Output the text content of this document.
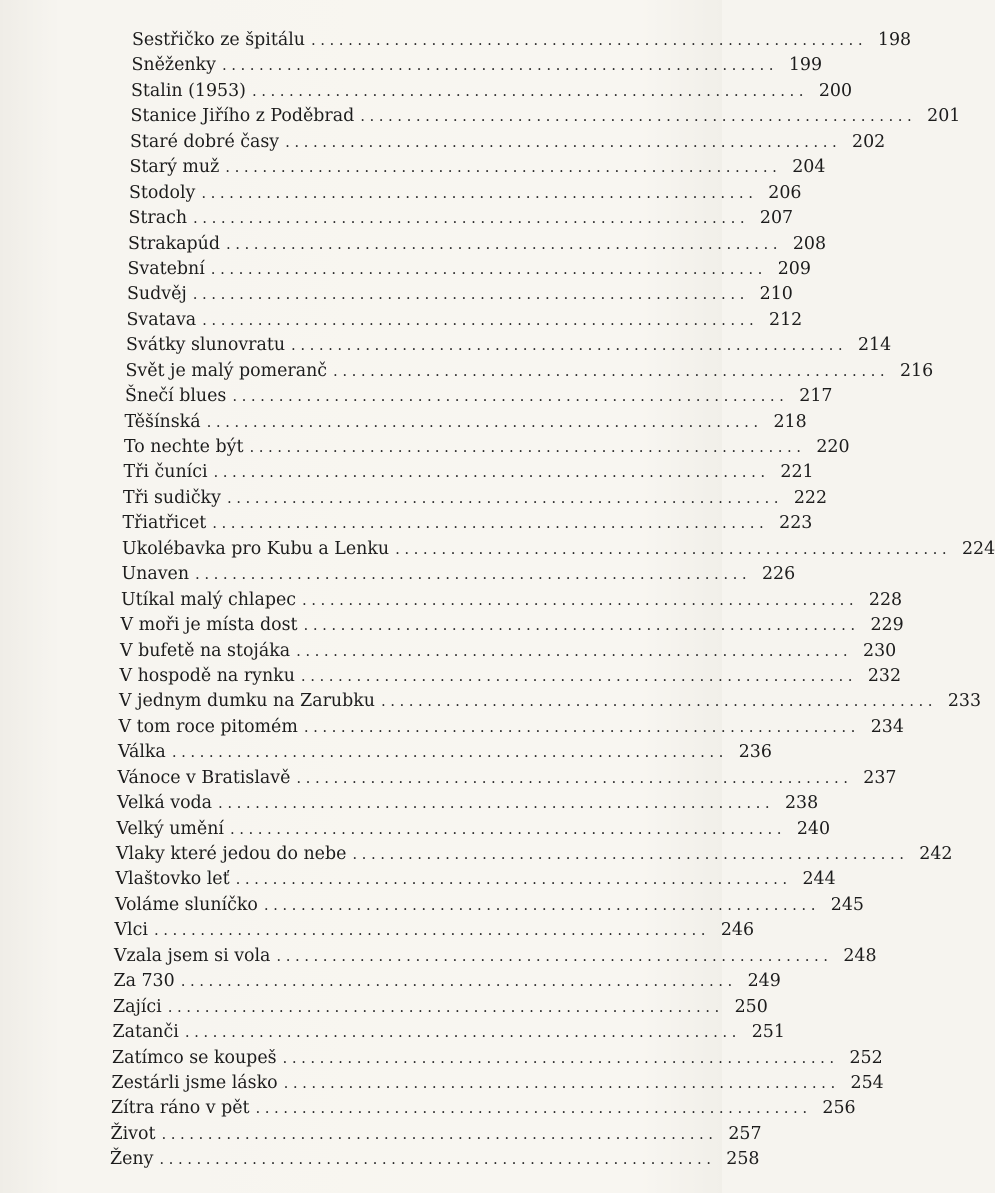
Sestřičko ze špitálu ............................................................ 198
Sněženky ............................................................ 199
Stalin (1953) ............................................................ 200
Stanice Jiřího z Poděbrad ............................................................ 201
Staré dobré časy ............................................................ 202
Starý muž ............................................................ 204
Stodoly ............................................................ 206
Strach ............................................................ 207
Strakapúd ............................................................ 208
Svatební ............................................................ 209
Sudvěj ............................................................ 210
Svatava ............................................................ 212
Svátky slunovratu ............................................................ 214
Svět je malý pomeranč ............................................................ 216
Šnečí blues ............................................................ 217
Těšínská ............................................................ 218
To nechte být ............................................................ 220
Tři čuníci ............................................................ 221
Tři sudičky ............................................................ 222
Třiatřicet ............................................................ 223
Ukolébavka pro Kubu a Lenku ............................................................ 224
Unaven ............................................................ 226
Utíkal malý chlapec ............................................................ 228
V moři je místa dost ............................................................ 229
V bufetě na stojáka ............................................................ 230
V hospodě na rynku ............................................................ 232
V jednym dumku na Zarubku ............................................................ 233
V tom roce pitomém ............................................................ 234
Válka ............................................................ 236
Vánoce v Bratislavě ............................................................ 237
Velká voda ............................................................ 238
Velký umění ............................................................ 240
Vlaky které jedou do nebe ............................................................ 242
Vlaštovko leť ............................................................ 244
Voláme sluníčko ............................................................ 245
Vlci ............................................................ 246
Vzala jsem si vola ............................................................ 248
Za 730 ............................................................ 249
Zajíci ............................................................ 250
Zatanči ............................................................ 251
Zatímco se koupeš ............................................................ 252
Zestárli jsme lásko ............................................................ 254
Zítra ráno v pět ............................................................ 256
Život ............................................................ 257
Ženy ............................................................ 258
